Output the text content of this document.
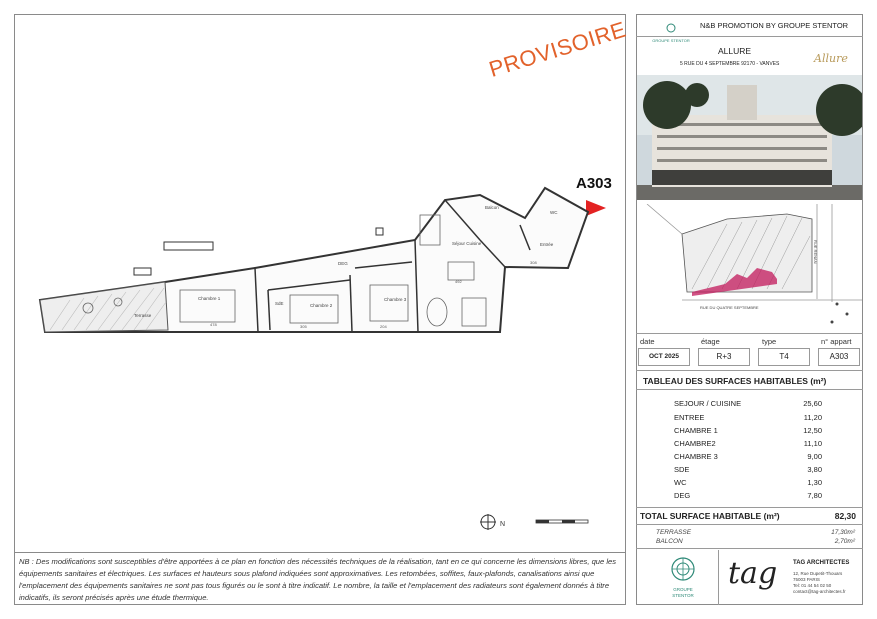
PROVISOIRE
A303
478	305	204
492
308
N
Séjour Cuisine
Balcon
Entrée
WC
Chambre 1
Chambre 2
Chambre 3
SdE
Terrasse
DEG
NB : Des modifications sont susceptibles d'être apportées à ce plan en fonction des nécessités techniques de la réalisation, tant en ce qui concerne les dimensions libres, que les équipements sanitaires et électriques. Les surfaces et hauteurs sous plafond indiquées sont approximatives. Les retombées, soffites, faux-plafonds, canalisations ainsi que l'emplacement des équipements sanitaires ne sont pas tous figurés ou le sont à titre indicatif. Le nombre, la taille et l'emplacement des radiateurs sont également donnés à titre indicatifs, ils seront précisés après une étude thermique.
GROUPE STENTOR
N&B PROMOTION BY GROUPE STENTOR
ALLURE
5 RUE DU 4 SEPTEMBRE 92170 - VANVES	Allure
RUE DU QUATRE SEPTEMBRE
RUE RENAN
date
OCT 2025
étage
R+3
type
T4
n° appart
A303
TABLEAU DES SURFACES HABITABLES (m²)
SEJOUR / CUISINE	25,60
ENTREE	11,20
CHAMBRE 1	12,50
CHAMBRE2	11,10
CHAMBRE 3	9,00
SDE	3,80
WC	1,30
DEG	7,80
TOTAL SURFACE HABITABLE (m²)	82,30
TERRASSE	17,30m²
BALCON	2,70m²
GROUPE STENTOR
tag	TAG ARCHITECTES
12, Rue Dupetit-Thouars
75003 PARIS
Tel: 01 44 54 02 50
contact@tag-architectes.fr
